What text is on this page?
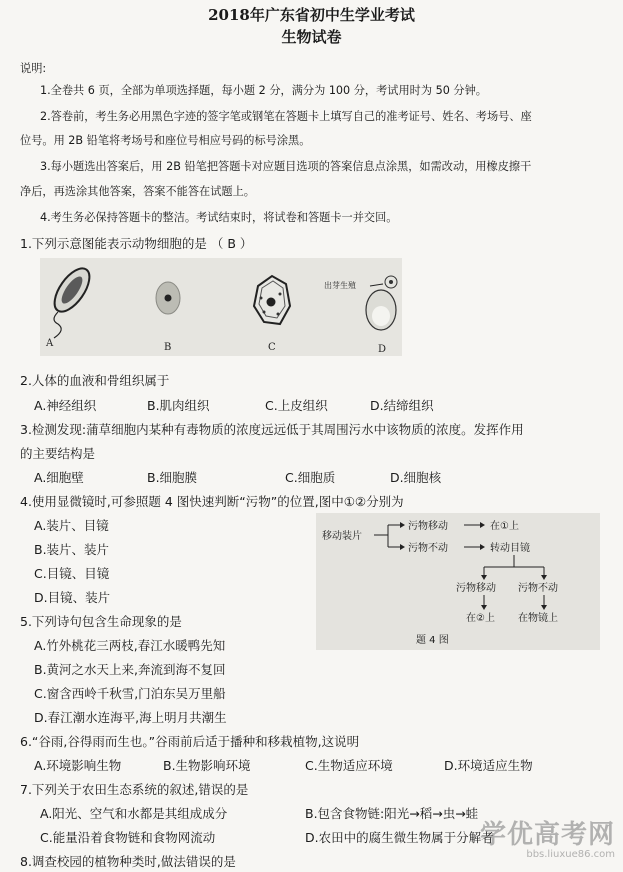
2018年广东省初中生学业考试
生物试卷
说明:
1.全卷共 6 页，全部为单项选择题，每小题 2 分，满分为 100 分，考试用时为 50 分钟。
2.答卷前，考生务必用黑色字迹的签字笔或钢笔在答题卡上填写自己的准考证号、姓名、考场号、座
位号。用 2B 铅笔将考场号和座位号相应号码的标号涂黑。
3.每小题选出答案后，用 2B 铅笔把答题卡对应题目选项的答案信息点涂黑，如需改动，用橡皮擦干
净后，再选涂其他答案，答案不能答在试题上。
4.考生务必保持答题卡的整洁。考试结束时，将试卷和答题卡一并交回。
1.下列示意图能表示动物细胞的是 （ B ）
出芽生殖
A	B	C	D
2.人体的血液和骨组织属于
A.神经组织	B.肌肉组织	C.上皮组织	D.结缔组织
3.检测发现:蒲草细胞内某种有毒物质的浓度远远低于其周围污水中该物质的浓度。发挥作用
的主要结构是
A.细胞壁	B.细胞膜	C.细胞质	D.细胞核
4.使用显微镜时,可参照题 4 图快速判断“污物”的位置,图中①②分别为
A.装片、目镜
B.装片、装片
C.目镜、目镜
D.目镜、装片
移动装片
污物移动	在①上
污物不动	转动目镜
污物移动 污物不动
在②上 在物镜上
题 4 图
5.下列诗句包含生命现象的是
A.竹外桃花三两枝,春江水暖鸭先知
B.黄河之水天上来,奔流到海不复回
C.窗含西岭千秋雪,门泊东吴万里船
D.春江潮水连海平,海上明月共潮生
6.“谷雨,谷得雨而生也。”谷雨前后适于播种和移栽植物,这说明
A.环境影响生物	B.生物影响环境	C.生物适应环境	D.环境适应生物
7.下列关于农田生态系统的叙述,错误的是
A.阳光、空气和水都是其组成成分	B.包含食物链:阳光→稻→虫→蛙
C.能量沿着食物链和食物网流动	D.农田中的腐生微生物属于分解者
8.调查校园的植物种类时,做法错误的是
学优高考网
bbs.liuxue86.com
